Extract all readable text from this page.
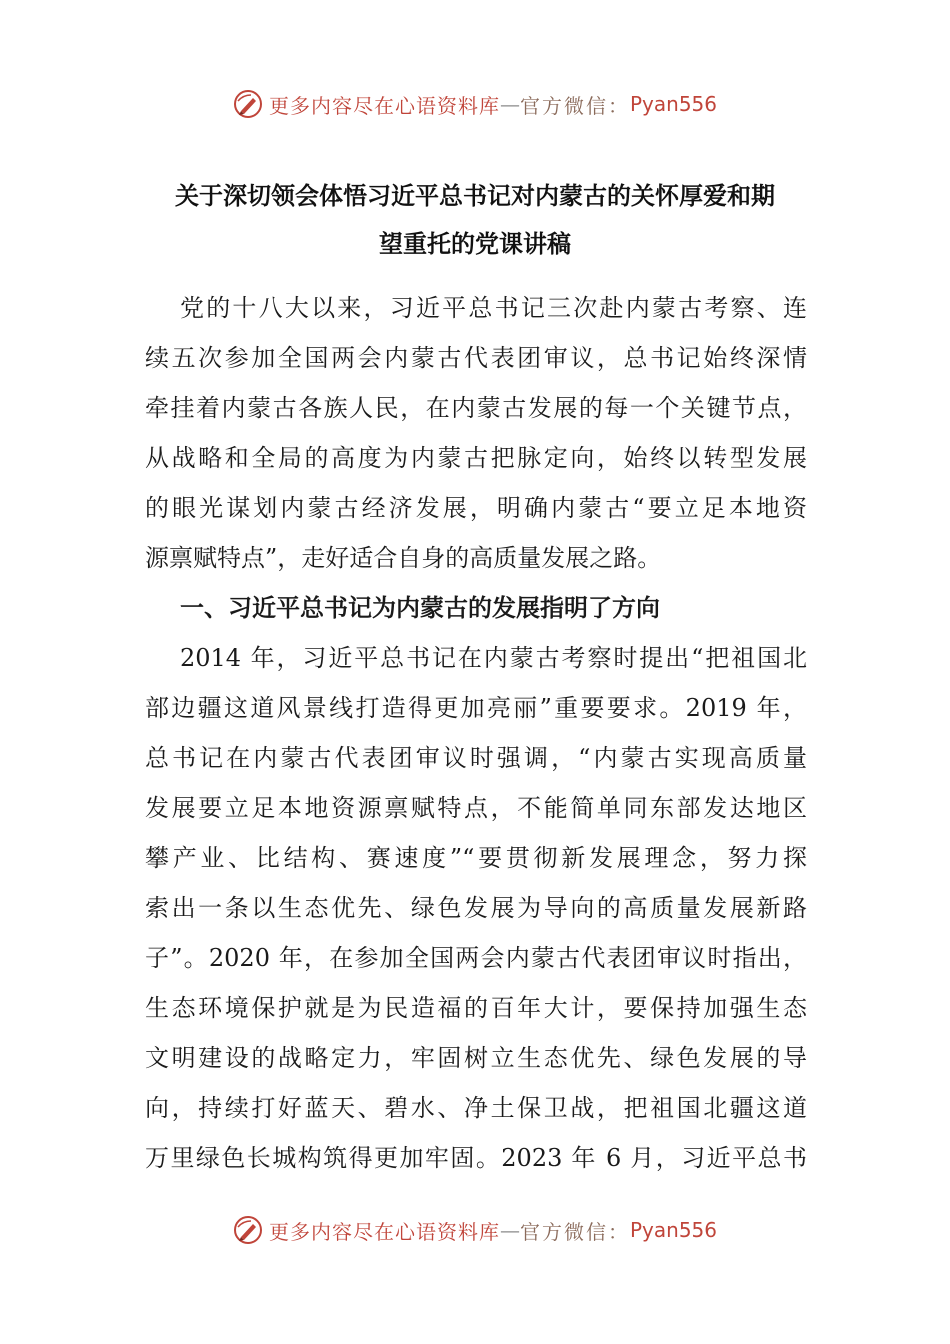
更多内容尽在心语资料库 — 官方微信： Pyan556
关于深切领会体悟习近平总书记对内蒙古的关怀厚爱和期
望重托的党课讲稿
党的十八大以来，习近平总书记三次赴内蒙古考察、连
续五次参加全国两会内蒙古代表团审议，总书记始终深情
牵挂着内蒙古各族人民，在内蒙古发展的每一个关键节点，
从战略和全局的高度为内蒙古把脉定向，始终以转型发展
的眼光谋划内蒙古经济发展，明确内蒙古“要立足本地资
源禀赋特点”，走好适合自身的高质量发展之路。
一、习近平总书记为内蒙古的发展指明了方向
2014 年，习近平总书记在内蒙古考察时提出“把祖国北
部边疆这道风景线打造得更加亮丽”重要要求。2019 年，
总书记在内蒙古代表团审议时强调，“内蒙古实现高质量
发展要立足本地资源禀赋特点，不能简单同东部发达地区
攀产业、比结构、赛速度”“要贯彻新发展理念，努力探
索出一条以生态优先、绿色发展为导向的高质量发展新路
子”。2020 年，在参加全国两会内蒙古代表团审议时指出，
生态环境保护就是为民造福的百年大计，要保持加强生态
文明建设的战略定力，牢固树立生态优先、绿色发展的导
向，持续打好蓝天、碧水、净土保卫战，把祖国北疆这道
万里绿色长城构筑得更加牢固。2023 年 6 月，习近平总书
更多内容尽在心语资料库 — 官方微信： Pyan556
